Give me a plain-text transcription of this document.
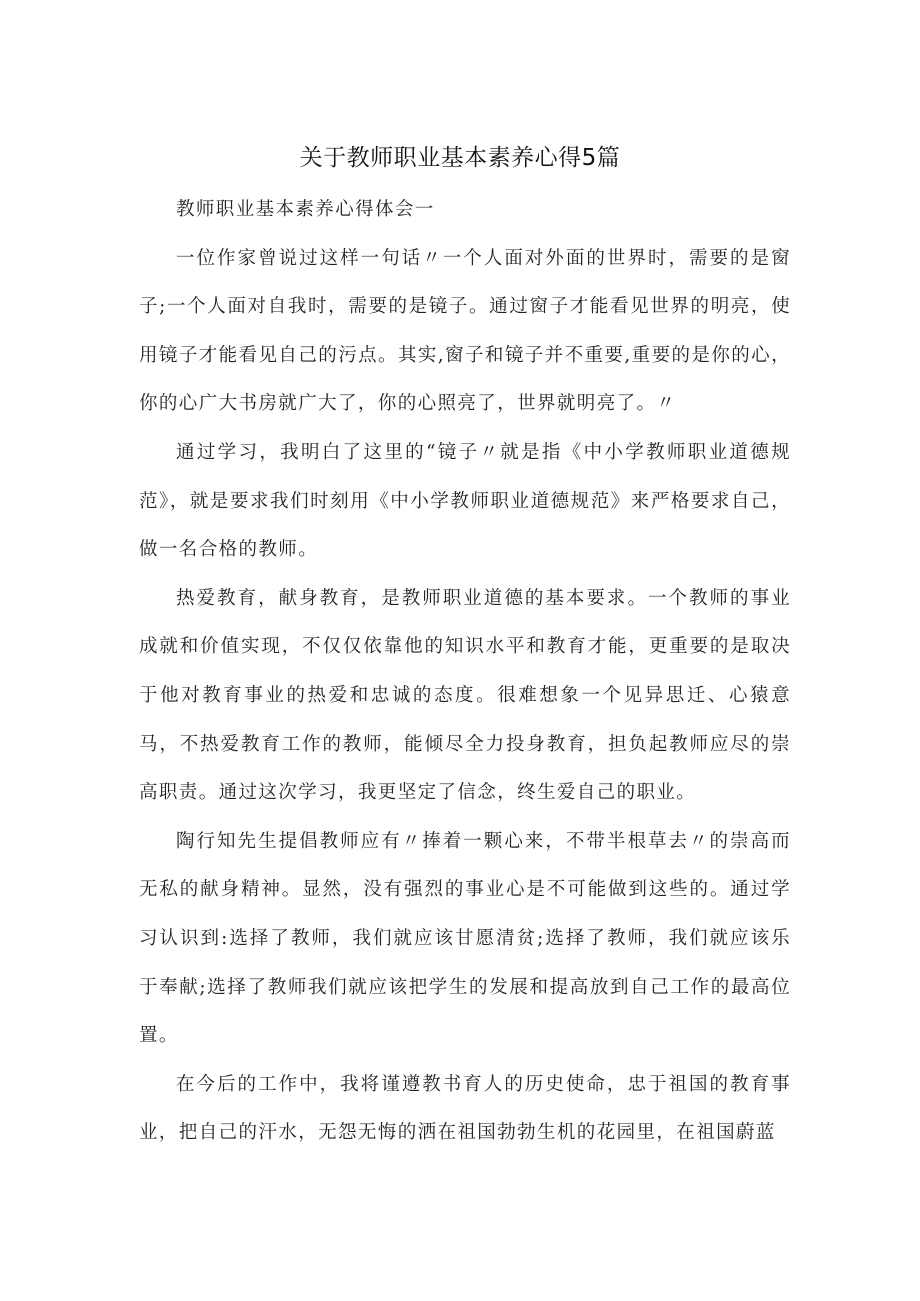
关于教师职业基本素养心得5篇

教师职业基本素养心得体会一

一位作家曾说过这样一句话〃一个人面对外面的世界时，需要的是窗子;一个人面对自我时，需要的是镜子。通过窗子才能看见世界的明亮，使用镜子才能看见自己的污点。其实,窗子和镜子并不重要,重要的是你的心，你的心广大书房就广大了，你的心照亮了，世界就明亮了。〃

通过学习，我明白了这里的“镜子〃就是指《中小学教师职业道德规范》，就是要求我们时刻用《中小学教师职业道德规范》来严格要求自己，做一名合格的教师。

热爱教育，献身教育，是教师职业道德的基本要求。一个教师的事业成就和价值实现，不仅仅依靠他的知识水平和教育才能，更重要的是取决于他对教育事业的热爱和忠诚的态度。很难想象一个见异思迁、心猿意马，不热爱教育工作的教师，能倾尽全力投身教育，担负起教师应尽的崇高职责。通过这次学习，我更坚定了信念，终生爱自己的职业。

陶行知先生提倡教师应有〃捧着一颗心来，不带半根草去〃的崇高而无私的献身精神。显然，没有强烈的事业心是不可能做到这些的。通过学习认识到:选择了教师，我们就应该甘愿清贫;选择了教师，我们就应该乐于奉献;选择了教师我们就应该把学生的发展和提高放到自己工作的最高位置。

在今后的工作中，我将谨遵教书育人的历史使命，忠于祖国的教育事业，把自己的汗水，无怨无悔的洒在祖国勃勃生机的花园里，在祖国蔚蓝
